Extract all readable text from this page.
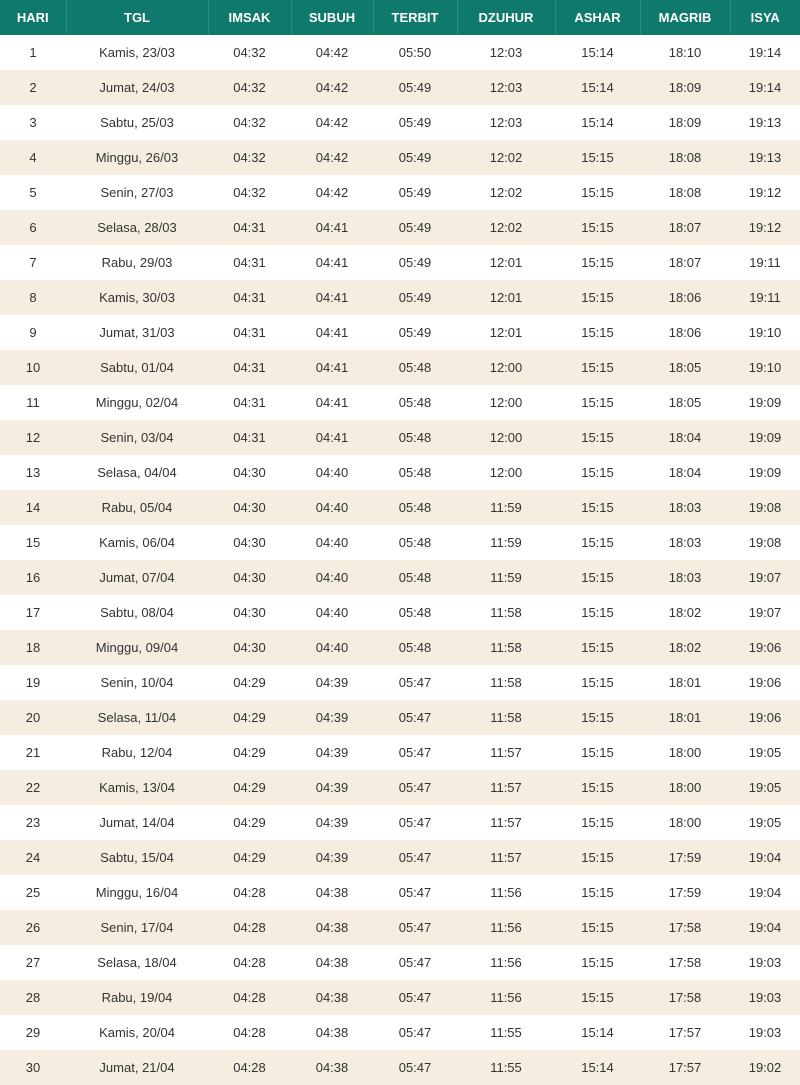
HARI	TGL	IMSAK	SUBUH	TERBIT	DZUHUR	ASHAR	MAGRIB	ISYA
1	Kamis, 23/03	04:32	04:42	05:50	12:03	15:14	18:10	19:14
2	Jumat, 24/03	04:32	04:42	05:49	12:03	15:14	18:09	19:14
3	Sabtu, 25/03	04:32	04:42	05:49	12:03	15:14	18:09	19:13
4	Minggu, 26/03	04:32	04:42	05:49	12:02	15:15	18:08	19:13
5	Senin, 27/03	04:32	04:42	05:49	12:02	15:15	18:08	19:12
6	Selasa, 28/03	04:31	04:41	05:49	12:02	15:15	18:07	19:12
7	Rabu, 29/03	04:31	04:41	05:49	12:01	15:15	18:07	19:11
8	Kamis, 30/03	04:31	04:41	05:49	12:01	15:15	18:06	19:11
9	Jumat, 31/03	04:31	04:41	05:49	12:01	15:15	18:06	19:10
10	Sabtu, 01/04	04:31	04:41	05:48	12:00	15:15	18:05	19:10
11	Minggu, 02/04	04:31	04:41	05:48	12:00	15:15	18:05	19:09
12	Senin, 03/04	04:31	04:41	05:48	12:00	15:15	18:04	19:09
13	Selasa, 04/04	04:30	04:40	05:48	12:00	15:15	18:04	19:09
14	Rabu, 05/04	04:30	04:40	05:48	11:59	15:15	18:03	19:08
15	Kamis, 06/04	04:30	04:40	05:48	11:59	15:15	18:03	19:08
16	Jumat, 07/04	04:30	04:40	05:48	11:59	15:15	18:03	19:07
17	Sabtu, 08/04	04:30	04:40	05:48	11:58	15:15	18:02	19:07
18	Minggu, 09/04	04:30	04:40	05:48	11:58	15:15	18:02	19:06
19	Senin, 10/04	04:29	04:39	05:47	11:58	15:15	18:01	19:06
20	Selasa, 11/04	04:29	04:39	05:47	11:58	15:15	18:01	19:06
21	Rabu, 12/04	04:29	04:39	05:47	11:57	15:15	18:00	19:05
22	Kamis, 13/04	04:29	04:39	05:47	11:57	15:15	18:00	19:05
23	Jumat, 14/04	04:29	04:39	05:47	11:57	15:15	18:00	19:05
24	Sabtu, 15/04	04:29	04:39	05:47	11:57	15:15	17:59	19:04
25	Minggu, 16/04	04:28	04:38	05:47	11:56	15:15	17:59	19:04
26	Senin, 17/04	04:28	04:38	05:47	11:56	15:15	17:58	19:04
27	Selasa, 18/04	04:28	04:38	05:47	11:56	15:15	17:58	19:03
28	Rabu, 19/04	04:28	04:38	05:47	11:56	15:15	17:58	19:03
29	Kamis, 20/04	04:28	04:38	05:47	11:55	15:14	17:57	19:03
30	Jumat, 21/04	04:28	04:38	05:47	11:55	15:14	17:57	19:02
